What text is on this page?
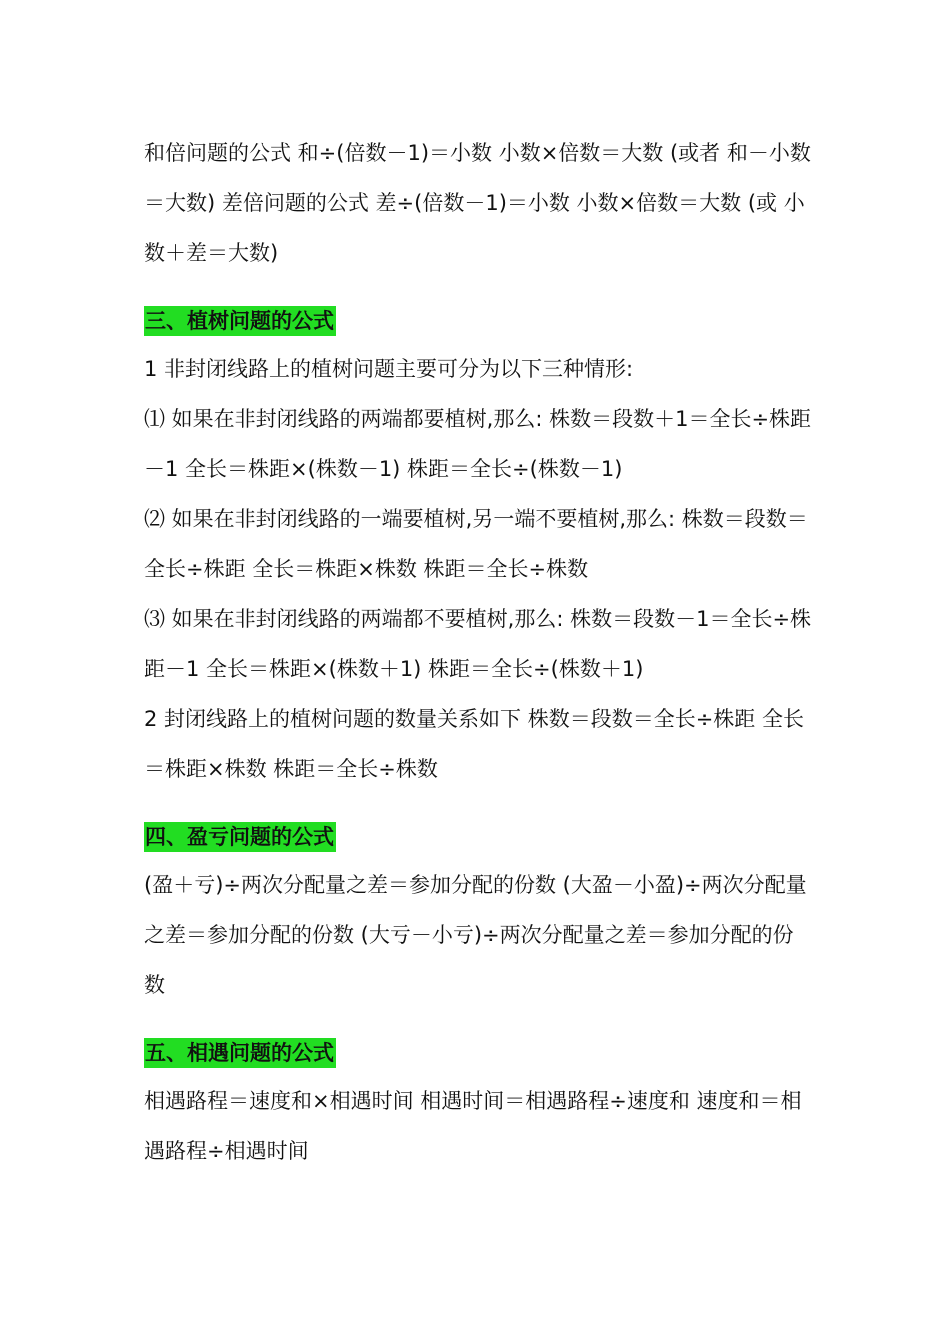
和倍问题的公式 和÷(倍数－1)＝小数 小数×倍数＝大数 (或者 和－小数＝大数) 差倍问题的公式 差÷(倍数－1)＝小数 小数×倍数＝大数 (或 小数＋差＝大数)

三、植树问题的公式

1 非封闭线路上的植树问题主要可分为以下三种情形:

⑴ 如果在非封闭线路的两端都要植树,那么: 株数＝段数＋1＝全长÷株距－1 全长＝株距×(株数－1) 株距＝全长÷(株数－1)

⑵ 如果在非封闭线路的一端要植树,另一端不要植树,那么: 株数＝段数＝全长÷株距 全长＝株距×株数 株距＝全长÷株数

⑶ 如果在非封闭线路的两端都不要植树,那么: 株数＝段数－1＝全长÷株距－1 全长＝株距×(株数＋1) 株距＝全长÷(株数＋1)

2 封闭线路上的植树问题的数量关系如下 株数＝段数＝全长÷株距 全长＝株距×株数 株距＝全长÷株数

四、盈亏问题的公式

(盈＋亏)÷两次分配量之差＝参加分配的份数 (大盈－小盈)÷两次分配量之差＝参加分配的份数 (大亏－小亏)÷两次分配量之差＝参加分配的份数

五、相遇问题的公式

相遇路程＝速度和×相遇时间 相遇时间＝相遇路程÷速度和 速度和＝相遇路程÷相遇时间
